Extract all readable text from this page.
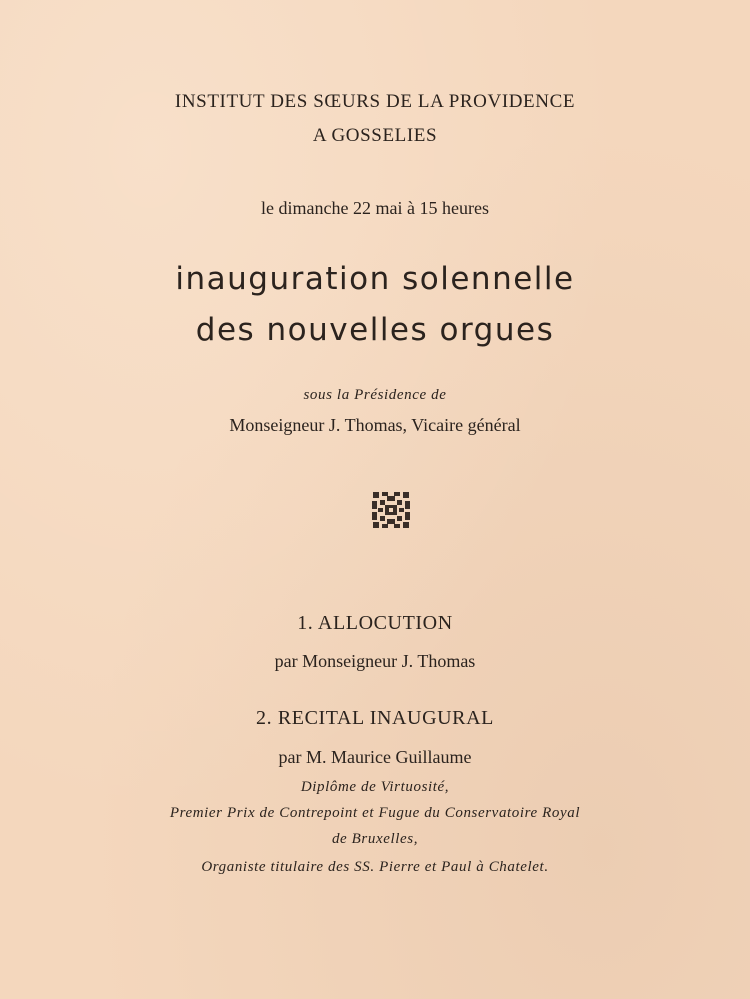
INSTITUT DES SŒURS DE LA PROVIDENCE
A GOSSELIES
le dimanche 22 mai à 15 heures
inauguration solennelle
des nouvelles orgues
sous la Présidence de
Monseigneur J. Thomas, Vicaire général
1. ALLOCUTION
par Monseigneur J. Thomas
2. RECITAL INAUGURAL
par M. Maurice Guillaume
Diplôme de Virtuosité,
Premier Prix de Contrepoint et Fugue du Conservatoire Royal
de Bruxelles,
Organiste titulaire des SS. Pierre et Paul à Chatelet.
